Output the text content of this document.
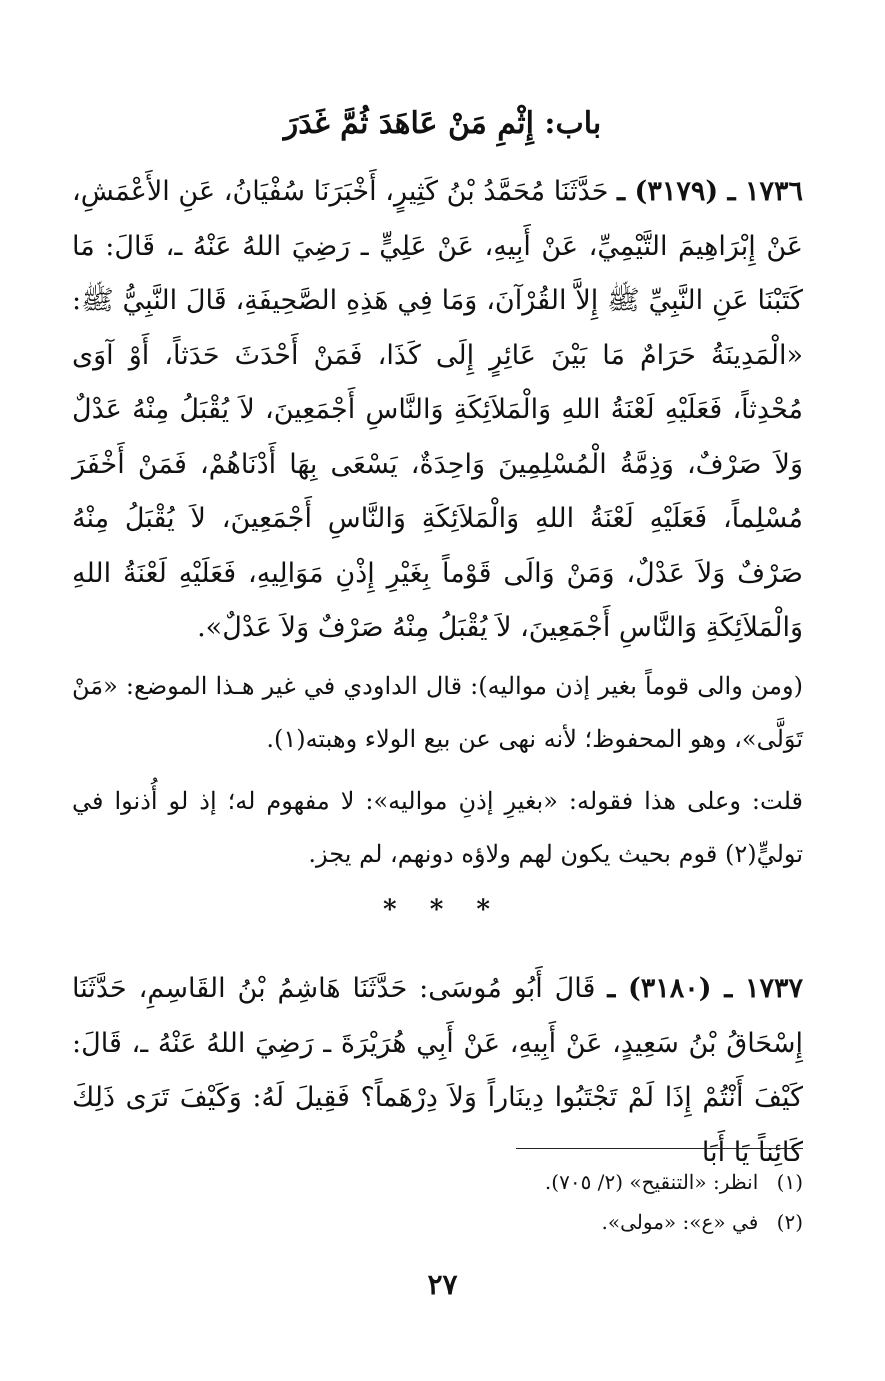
باب: إِثْمِ مَنْ عَاهَدَ ثُمَّ غَدَرَ
١٧٣٦ ـ (٣١٧٩) ـ حَدَّثَنَا مُحَمَّدُ بْنُ كَثِيرٍ، أَخْبَرَنَا سُفْيَانُ، عَنِ الأَعْمَشِ، عَنْ إِبْرَاهِيمَ التَّيْمِيِّ، عَنْ أَبِيهِ، عَنْ عَلِيٍّ ـ رَضِيَ اللهُ عَنْهُ ـ، قَالَ: مَا كَتَبْنَا عَنِ النَّبِيِّ ﷺ إِلاَّ القُرْآنَ، وَمَا فِي هَذِهِ الصَّحِيفَةِ، قَالَ النَّبِيُّ ﷺ: «الْمَدِينَةُ حَرَامٌ مَا بَيْنَ عَائِرٍ إِلَى كَذَا، فَمَنْ أَحْدَثَ حَدَثاً، أَوْ آوَى مُحْدِثاً، فَعَلَيْهِ لَعْنَةُ اللهِ وَالْمَلاَئِكَةِ وَالنَّاسِ أَجْمَعِينَ، لاَ يُقْبَلُ مِنْهُ عَدْلٌ وَلاَ صَرْفٌ، وَذِمَّةُ الْمُسْلِمِينَ وَاحِدَةٌ، يَسْعَى بِهَا أَدْنَاهُمْ، فَمَنْ أَخْفَرَ مُسْلِماً، فَعَلَيْهِ لَعْنَةُ اللهِ وَالْمَلاَئِكَةِ وَالنَّاسِ أَجْمَعِينَ، لاَ يُقْبَلُ مِنْهُ صَرْفٌ وَلاَ عَدْلٌ، وَمَنْ وَالَى قَوْماً بِغَيْرِ إِذْنِ مَوَالِيهِ، فَعَلَيْهِ لَعْنَةُ اللهِ وَالْمَلاَئِكَةِ وَالنَّاسِ أَجْمَعِينَ، لاَ يُقْبَلُ مِنْهُ صَرْفٌ وَلاَ عَدْلٌ».
(ومن والى قوماً بغير إذن مواليه): قال الداودي في غير هـذا الموضع: «مَنْ تَوَلَّى»، وهو المحفوظ؛ لأنه نهى عن بيع الولاء وهبته(١).
قلت: وعلى هذا فقوله: «بغيرِ إذنِ مواليه»: لا مفهوم له؛ إذ لو أُذنوا في توليٍّ(٢) قوم بحيث يكون لهم ولاؤه دونهم، لم يجز.
* * *
١٧٣٧ ـ (٣١٨٠) ـ قَالَ أَبُو مُوسَى: حَدَّثَنَا هَاشِمُ بْنُ القَاسِمِ، حَدَّثَنَا إِسْحَاقُ بْنُ سَعِيدٍ، عَنْ أَبِيهِ، عَنْ أَبِي هُرَيْرَةَ ـ رَضِيَ اللهُ عَنْهُ ـ، قَالَ: كَيْفَ أَنْتُمْ إِذَا لَمْ تَجْتَبُوا دِينَاراً وَلاَ دِرْهَماً؟ فَقِيلَ لَهُ: وَكَيْفَ تَرَى ذَلِكَ كَائِناً يَا أَبَا
(١) انظر: «التنقيح» (٢/ ٧٠٥).
(٢) في «ع»: «مولى».
٢٧
